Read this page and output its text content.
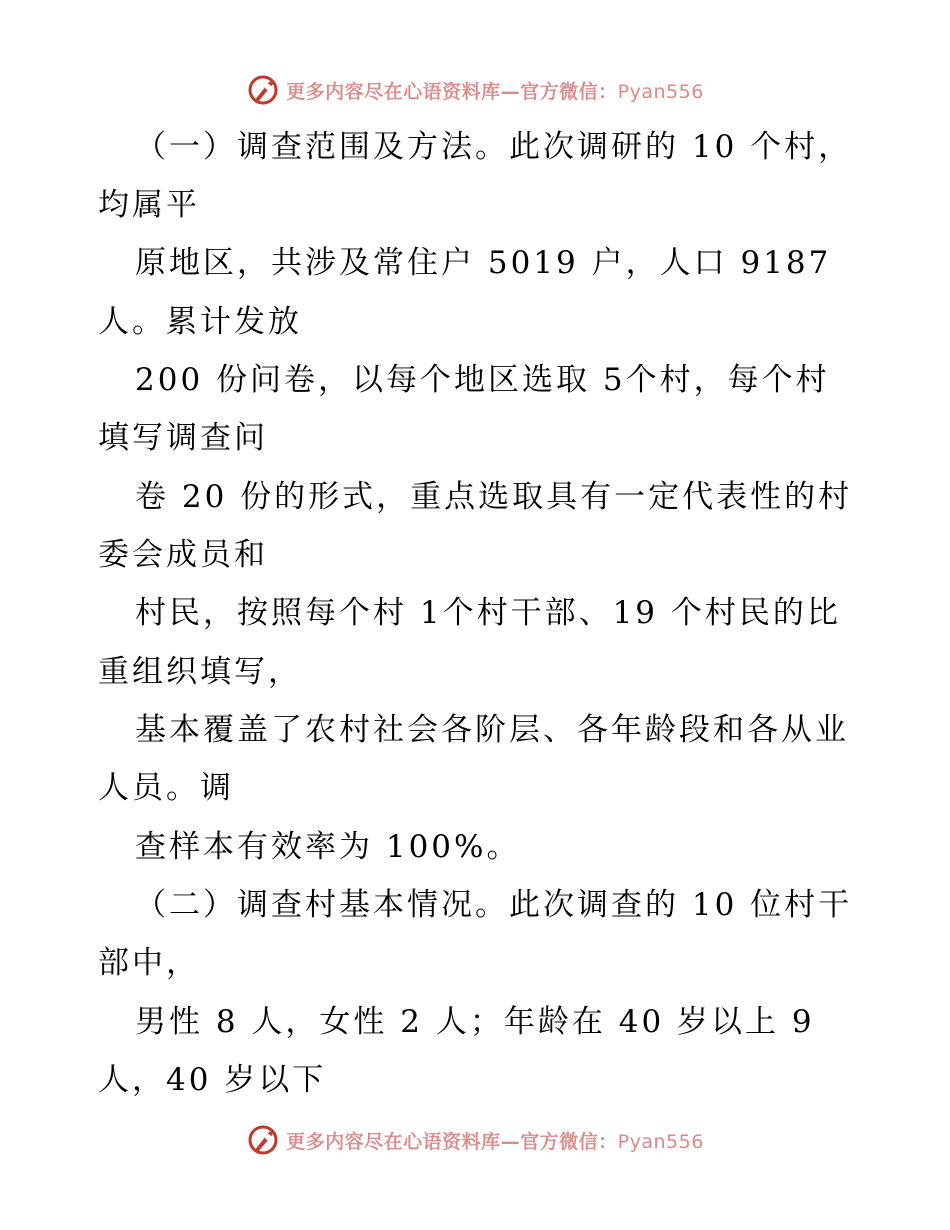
更多内容尽在心语资料库—官方微信：Pyan556
（一）调查范围及方法。此次调研的 10 个村，
均属平
原地区，共涉及常住户 5019 户，人口 9187
人。累计发放
200 份问卷，以每个地区选取 5个村，每个村
填写调查问
卷 20 份的形式，重点选取具有一定代表性的村
委会成员和
村民，按照每个村 1个村干部、19 个村民的比
重组织填写，
基本覆盖了农村社会各阶层、各年龄段和各从业
人员。调
查样本有效率为 100%。
（二）调查村基本情况。此次调查的 10 位村干
部中，
男性 8 人，女性 2 人；年龄在 40 岁以上 9
人，40 岁以下
更多内容尽在心语资料库—官方微信：Pyan556
